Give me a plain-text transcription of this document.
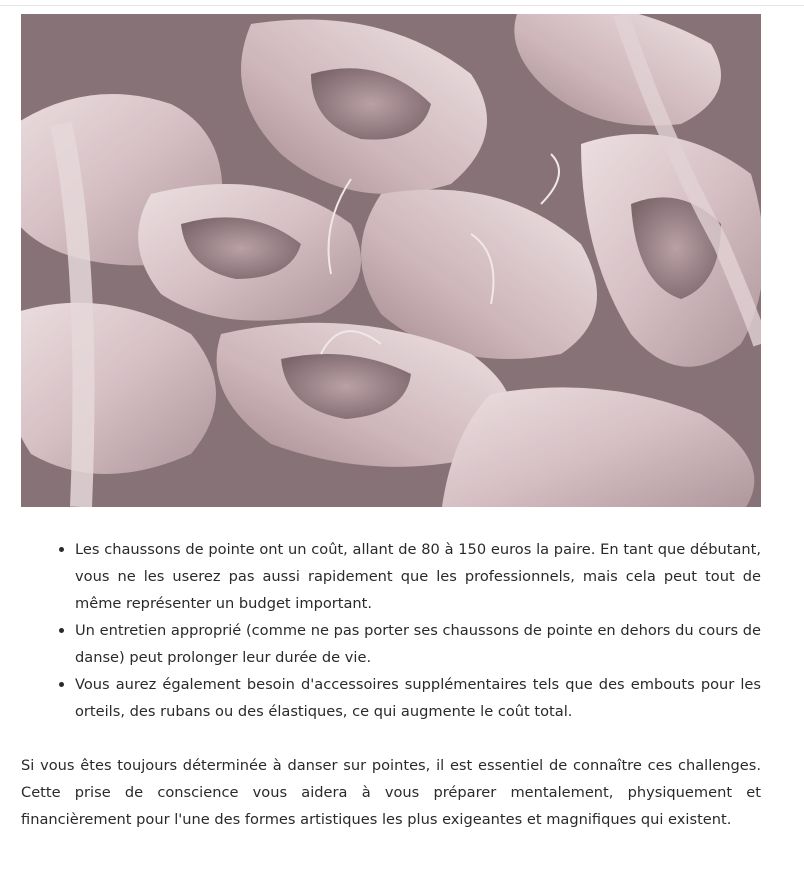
Les chaussons de pointe ont un coût, allant de 80 à 150 euros la paire. En tant que débutant, vous ne les userez pas aussi rapidement que les professionnels, mais cela peut tout de même représenter un budget important.
Un entretien approprié (comme ne pas porter ses chaussons de pointe en dehors du cours de danse) peut prolonger leur durée de vie.
Vous aurez également besoin d'accessoires supplémentaires tels que des embouts pour les orteils, des rubans ou des élastiques, ce qui augmente le coût total.

Si vous êtes toujours déterminée à danser sur pointes, il est essentiel de connaître ces challenges. Cette prise de conscience vous aidera à vous préparer mentalement, physiquement et financièrement pour l'une des formes artistiques les plus exigeantes et magnifiques qui existent.
